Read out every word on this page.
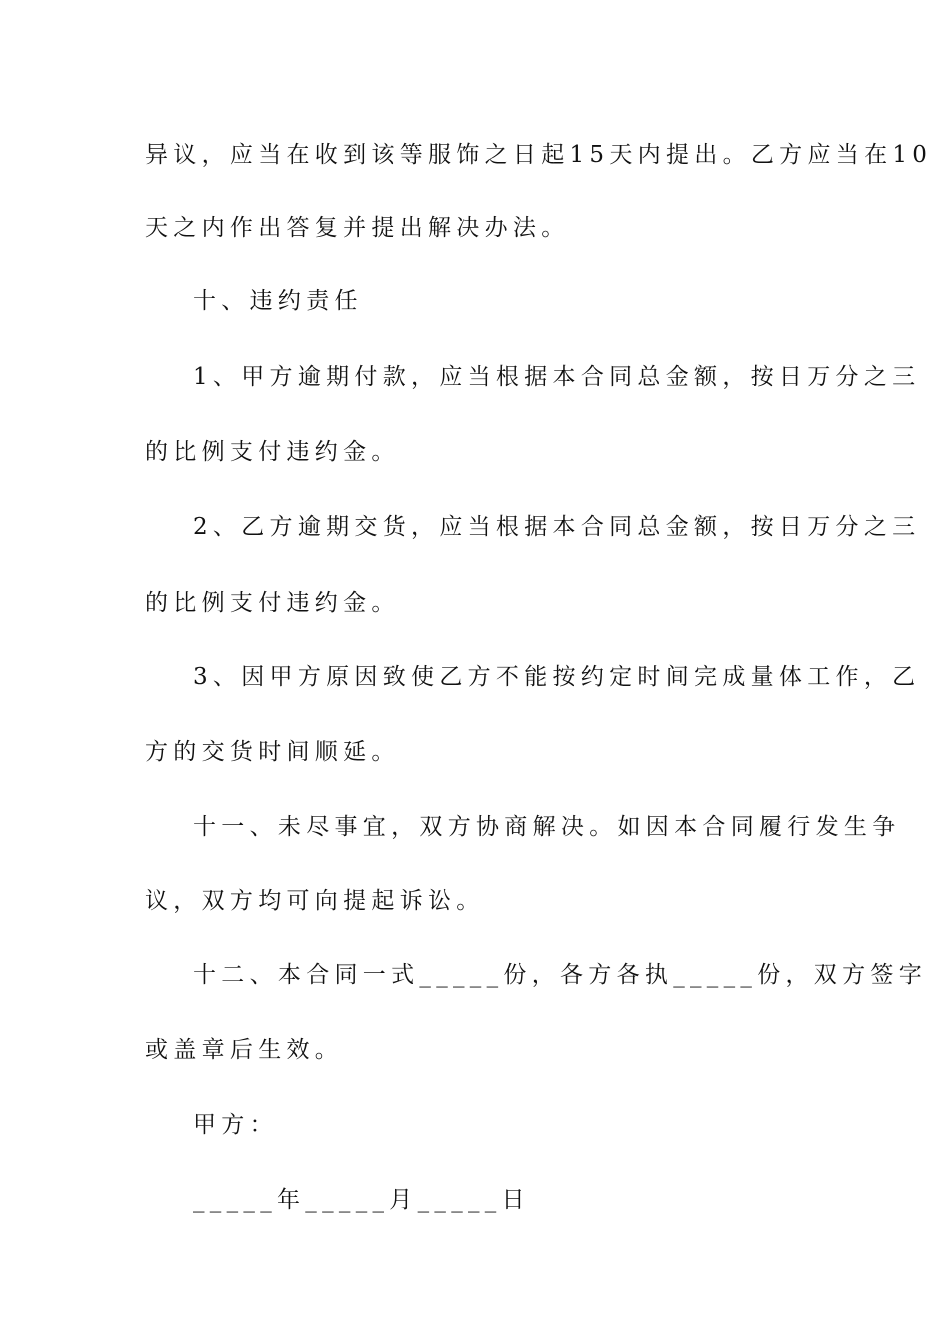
异议，应当在收到该等服饰之日起15天内提出。乙方应当在10
天之内作出答复并提出解决办法。
十、违约责任
1、甲方逾期付款，应当根据本合同总金额，按日万分之三
的比例支付违约金。
2、乙方逾期交货，应当根据本合同总金额，按日万分之三
的比例支付违约金。
3、因甲方原因致使乙方不能按约定时间完成量体工作，乙
方的交货时间顺延。
十一、未尽事宜，双方协商解决。如因本合同履行发生争
议，双方均可向提起诉讼。
十二、本合同一式_____份，各方各执_____份，双方签字
或盖章后生效。
甲方：
_____年_____月_____日
